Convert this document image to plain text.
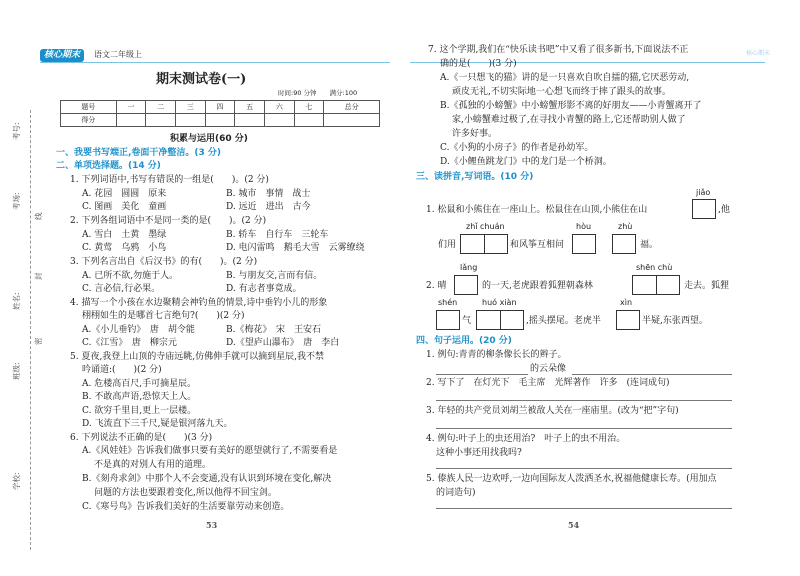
考号:
考场:
姓名:
班级:
学校:
线
封
密
核心期末	语文二年级上
期末测试卷(一)
时间:90 分钟　　满分:100
题号	一	二	三	四	五	六	七	总分
得分								
积累与运用(60 分)
一、我要书写端正,卷面干净整洁。(3 分)
二、单项选择题。(14 分)
1. 下列词语中,书写有错误的一组是(　　)。(2 分)
A. 花园　圆圆　原来	B. 城市　事情　战士
C. 图画　美化　童画	D. 远近　进出　古今
2. 下列各组词语中不是同一类的是(　　)。(2 分)
A. 雪白　土黄　墨绿	B. 轿车　自行车　三轮车
C. 黄莺　乌鸦　小鸟	D. 电闪雷鸣　鹅毛大雪　云雾缭绕
3. 下列名言出自《后汉书》的有(　　)。(2 分)
A. 已所不欲,勿施于人。	B. 与朋友交,言而有信。
C. 言必信,行必果。	D. 有志者事竟成。
4. 描写一个小孩在水边聚精会神钓鱼的情景,诗中垂钓小儿的形象
栩栩如生的是哪首七言绝句?(　　)(2 分)
A.《小儿垂钓》　唐　胡令能	B.《梅花》　宋　王安石
C.《江雪》　唐　柳宗元	D.《望庐山瀑布》　唐　李白
5. 夏夜,我登上山顶的寺庙远眺,仿佛伸手就可以摘到星辰,我不禁
吟诵道:(　　)(2 分)
A. 危楼高百尺,手可摘星辰。
B. 不敢高声语,恐惊天上人。
C. 欲穷千里目,更上一层楼。
D. 飞流直下三千尺,疑是银河落九天。
6. 下列说法不正确的是(　　)(3 分)
A.《风娃娃》告诉我们做事只要有美好的愿望就行了,不需要看是
不是真的对别人有用的道理。
B.《刻舟求剑》中那个人不会变通,没有认识到环境在变化,解决
问题的方法也要跟着变化,所以他得不回宝剑。
C.《寒号鸟》告诉我们美好的生活要靠劳动来创造。
53
核心期末
7. 这个学期,我们在“快乐读书吧”中又看了很多新书,下面说法不正
确的是(　　)(3 分)
A.《一只想飞的猫》讲的是一只喜欢自吹自擂的猫,它厌恶劳动,
顽皮无礼,不切实际地一心想飞而终于摔了跟头的故事。
B.《孤独的小螃蟹》中小螃蟹形影不离的好朋友——小青蟹离开了
家,小螃蟹难过极了,在寻找小青蟹的路上,它还帮助别人做了
许多好事。
C.《小狗的小房子》的作者是孙幼军。
D.《小鲤鱼跳龙门》中的龙门是一个桥洞。
三、读拼音,写词语。(10 分)
jiǎo
1. 松鼠和小熊住在一座山上。松鼠住在山顶,小熊住在山	,他
zhǐ chuán	hòu	zhù
们用	和风筝互相问	福。
lǎng	shēn chù
2. 晴	的一天,老虎跟着狐狸朝森林	走去。狐狸
shén	huó xiàn	xìn
气	,摇头摆尾。老虎半	半疑,东张西望。
四、句子运用。(20 分)
1. 例句:青青的柳条像长长的辫子。
的云朵像
2. 写下了　在灯光下　毛主席　光辉著作　许多　(连词成句)
3. 年轻的共产党员刘胡兰被敌人关在一座庙里。(改为“把”字句)
4. 例句:叶子上的虫还用治?　叶子上的虫不用治。
这种小事还用找我吗?
5. 傣族人民一边欢呼,一边向国际友人泼洒圣水,祝福他健康长寿。(用加点
的词造句)
54
